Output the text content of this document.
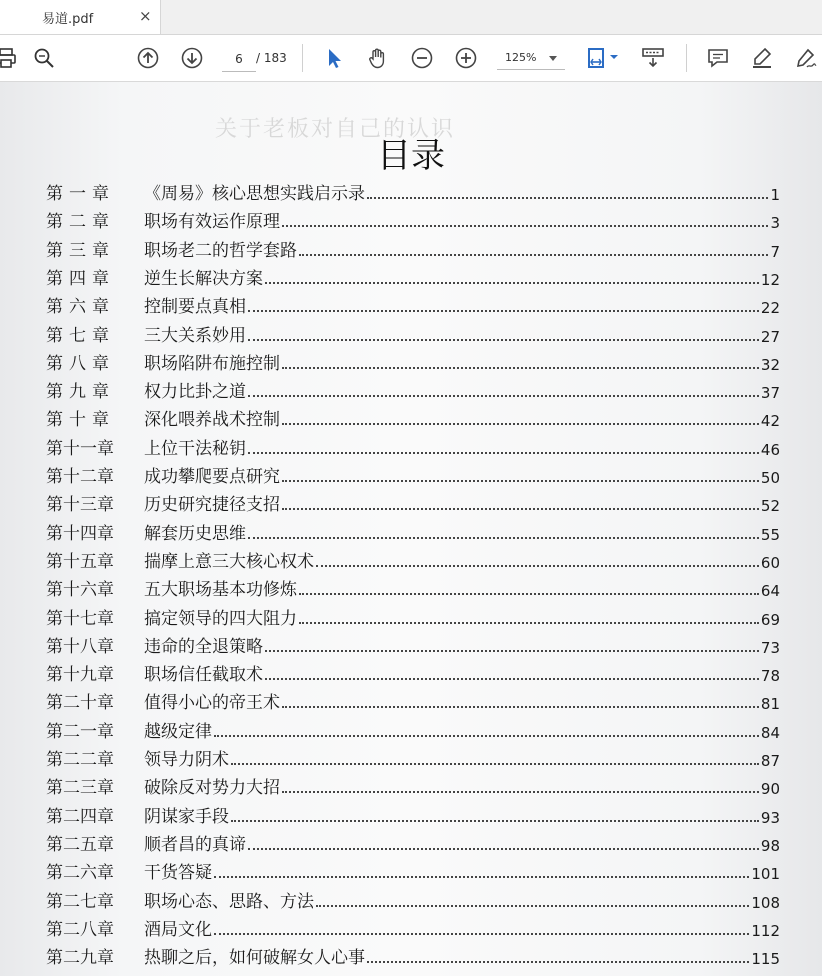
易道.pdf	×
6
/ 183	125%
关于老板对自己的认识
目录
第一章	《周易》核心思想实践启示录	1
第二章	职场有效运作原理	3
第三章	职场老二的哲学套路	7
第四章	逆生长解决方案	12
第六章	控制要点真相	22
第七章	三大关系妙用	27
第八章	职场陷阱布施控制	32
第九章	权力比卦之道	37
第十章	深化喂养战术控制	42
第十一章	上位干法秘钥	46
第十二章	成功攀爬要点研究	50
第十三章	历史研究捷径支招	52
第十四章	解套历史思维	55
第十五章	揣摩上意三大核心权术	60
第十六章	五大职场基本功修炼	64
第十七章	搞定领导的四大阻力	69
第十八章	违命的全退策略	73
第十九章	职场信任截取术	78
第二十章	值得小心的帝王术	81
第二一章	越级定律	84
第二二章	领导力阴术	87
第二三章	破除反对势力大招	90
第二四章	阴谋家手段	93
第二五章	顺者昌的真谛	98
第二六章	干货答疑	101
第二七章	职场心态、思路、方法	108
第二八章	酒局文化	112
第二九章	热聊之后，如何破解女人心事	115
